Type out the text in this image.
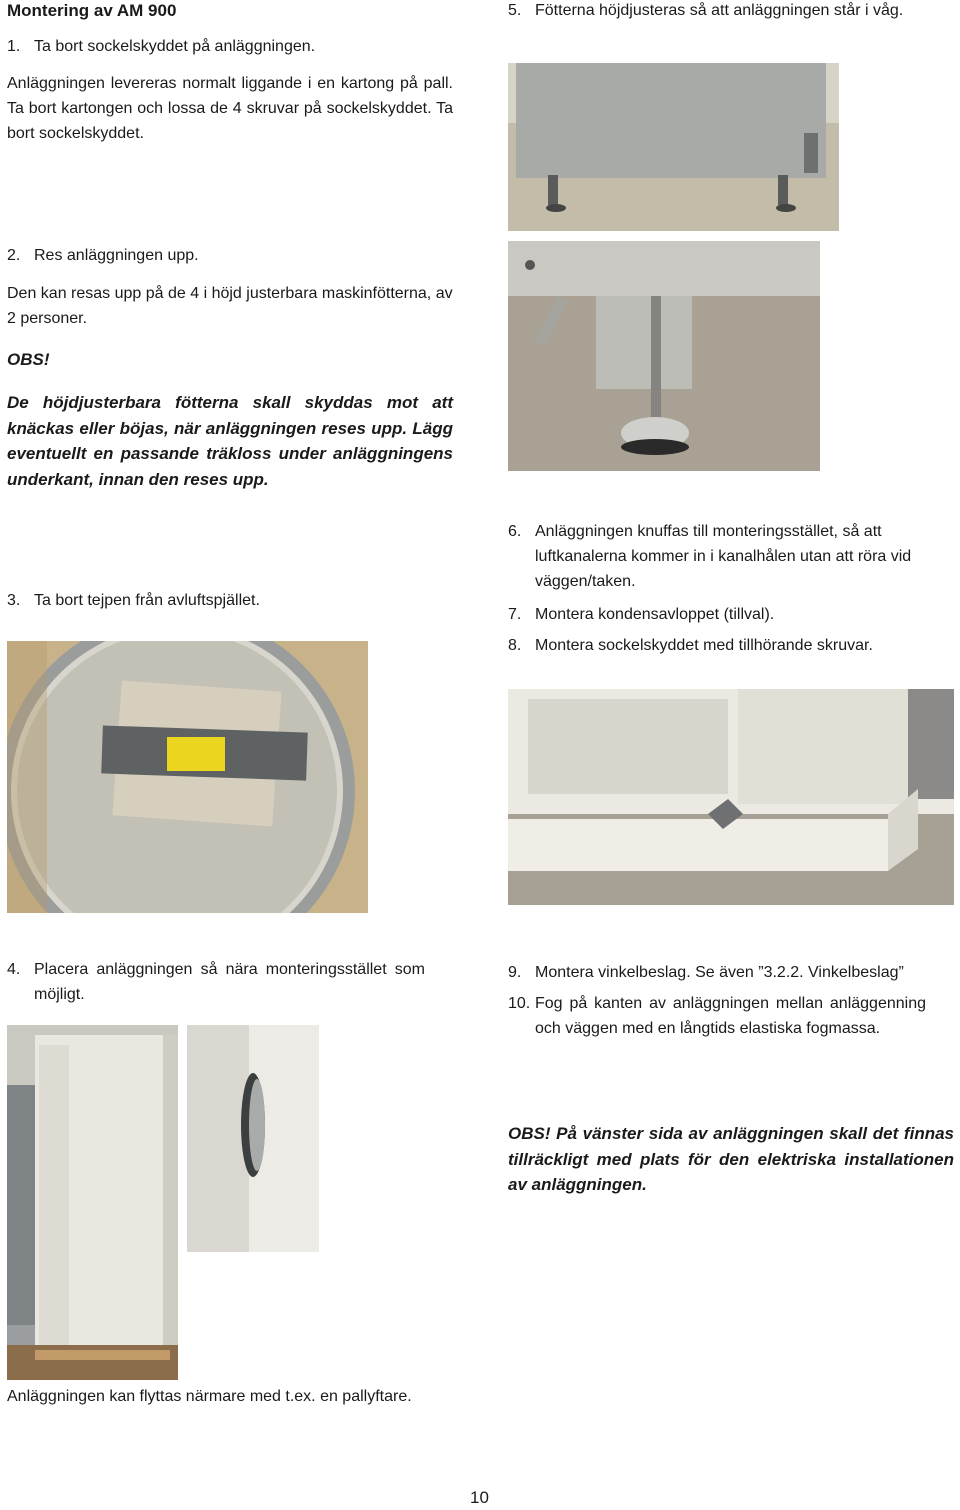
Montering av AM 900
1. Ta bort sockelskyddet på anläggningen.
Anläggningen levereras normalt liggande i en kartong på pall. Ta bort kartongen och lossa de 4 skruvar på sockelskyddet. Ta bort sockelskyddet.
2. Res anläggningen upp.
Den kan resas upp på de 4 i höjd justerbara maskinfötterna, av 2 personer.
OBS!
De höjdjusterbara fötterna skall skyddas mot att knäckas eller böjas, när anläggningen reses upp. Lägg eventuellt en passande träkloss under anläggningens underkant, innan den reses upp.
3. Ta bort tejpen från avluftspjället.
4. Placera anläggningen så nära monteringsstället som möjligt.
Anläggningen kan flyttas närmare med t.ex. en pallyftare.
5. Fötterna höjdjusteras så att anläggningen står i våg.
6. Anläggningen knuffas till monteringsstället, så att luftkanalerna kommer in i kanalhålen utan att röra vid väggen/taken.
7. Montera kondensavloppet (tillval).
8. Montera sockelskyddet med tillhörande skruvar.
9. Montera vinkelbeslag. Se även ”3.2.2. Vinkelbeslag”
10. Fog på kanten av anläggningen mellan anläggenning och väggen med en långtids elastiska fogmassa.
OBS! På vänster sida av anläggningen skall det finnas tillräckligt med plats för den elektriska installationen av anläggningen.
10
